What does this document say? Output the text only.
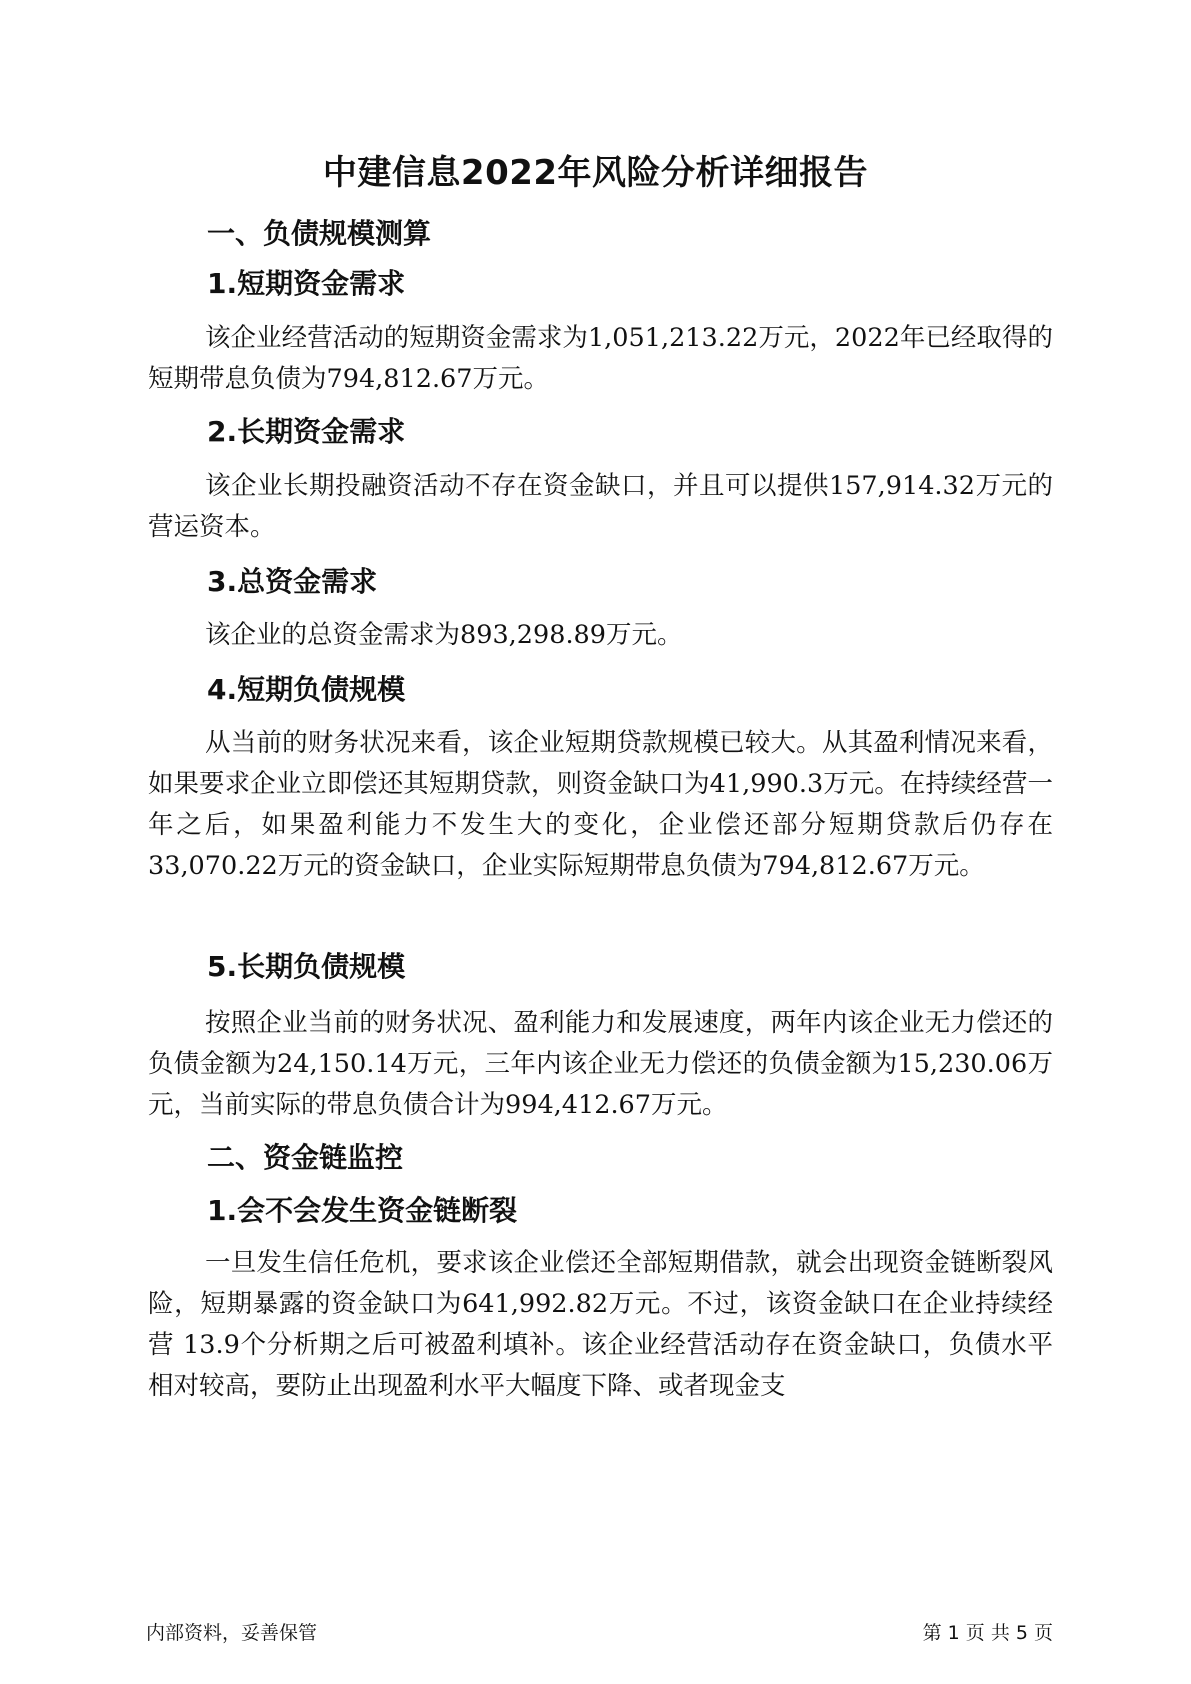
中建信息2022年风险分析详细报告
一、负债规模测算
1.短期资金需求

该企业经营活动的短期资金需求为1,051,213.22万元，2022年已经取得的短期带息负债为794,812.67万元。

2.长期资金需求

该企业长期投融资活动不存在资金缺口，并且可以提供157,914.32万元的营运资本。

3.总资金需求

该企业的总资金需求为893,298.89万元。

4.短期负债规模

从当前的财务状况来看，该企业短期贷款规模已较大。从其盈利情况来看，如果要求企业立即偿还其短期贷款，则资金缺口为41,990.3万元。在持续经营一年之后，如果盈利能力不发生大的变化，企业偿还部分短期贷款后仍存在33,070.22万元的资金缺口，企业实际短期带息负债为794,812.67万元。

5.长期负债规模

按照企业当前的财务状况、盈利能力和发展速度，两年内该企业无力偿还的负债金额为24,150.14万元，三年内该企业无力偿还的负债金额为15,230.06万元，当前实际的带息负债合计为994,412.67万元。

二、资金链监控
1.会不会发生资金链断裂

一旦发生信任危机，要求该企业偿还全部短期借款，就会出现资金链断裂风险，短期暴露的资金缺口为641,992.82万元。不过，该资金缺口在企业持续经营 13.9个分析期之后可被盈利填补。该企业经营活动存在资金缺口，负债水平相对较高，要防止出现盈利水平大幅度下降、或者现金支

内部资料，妥善保管	第 1 页 共 5 页
